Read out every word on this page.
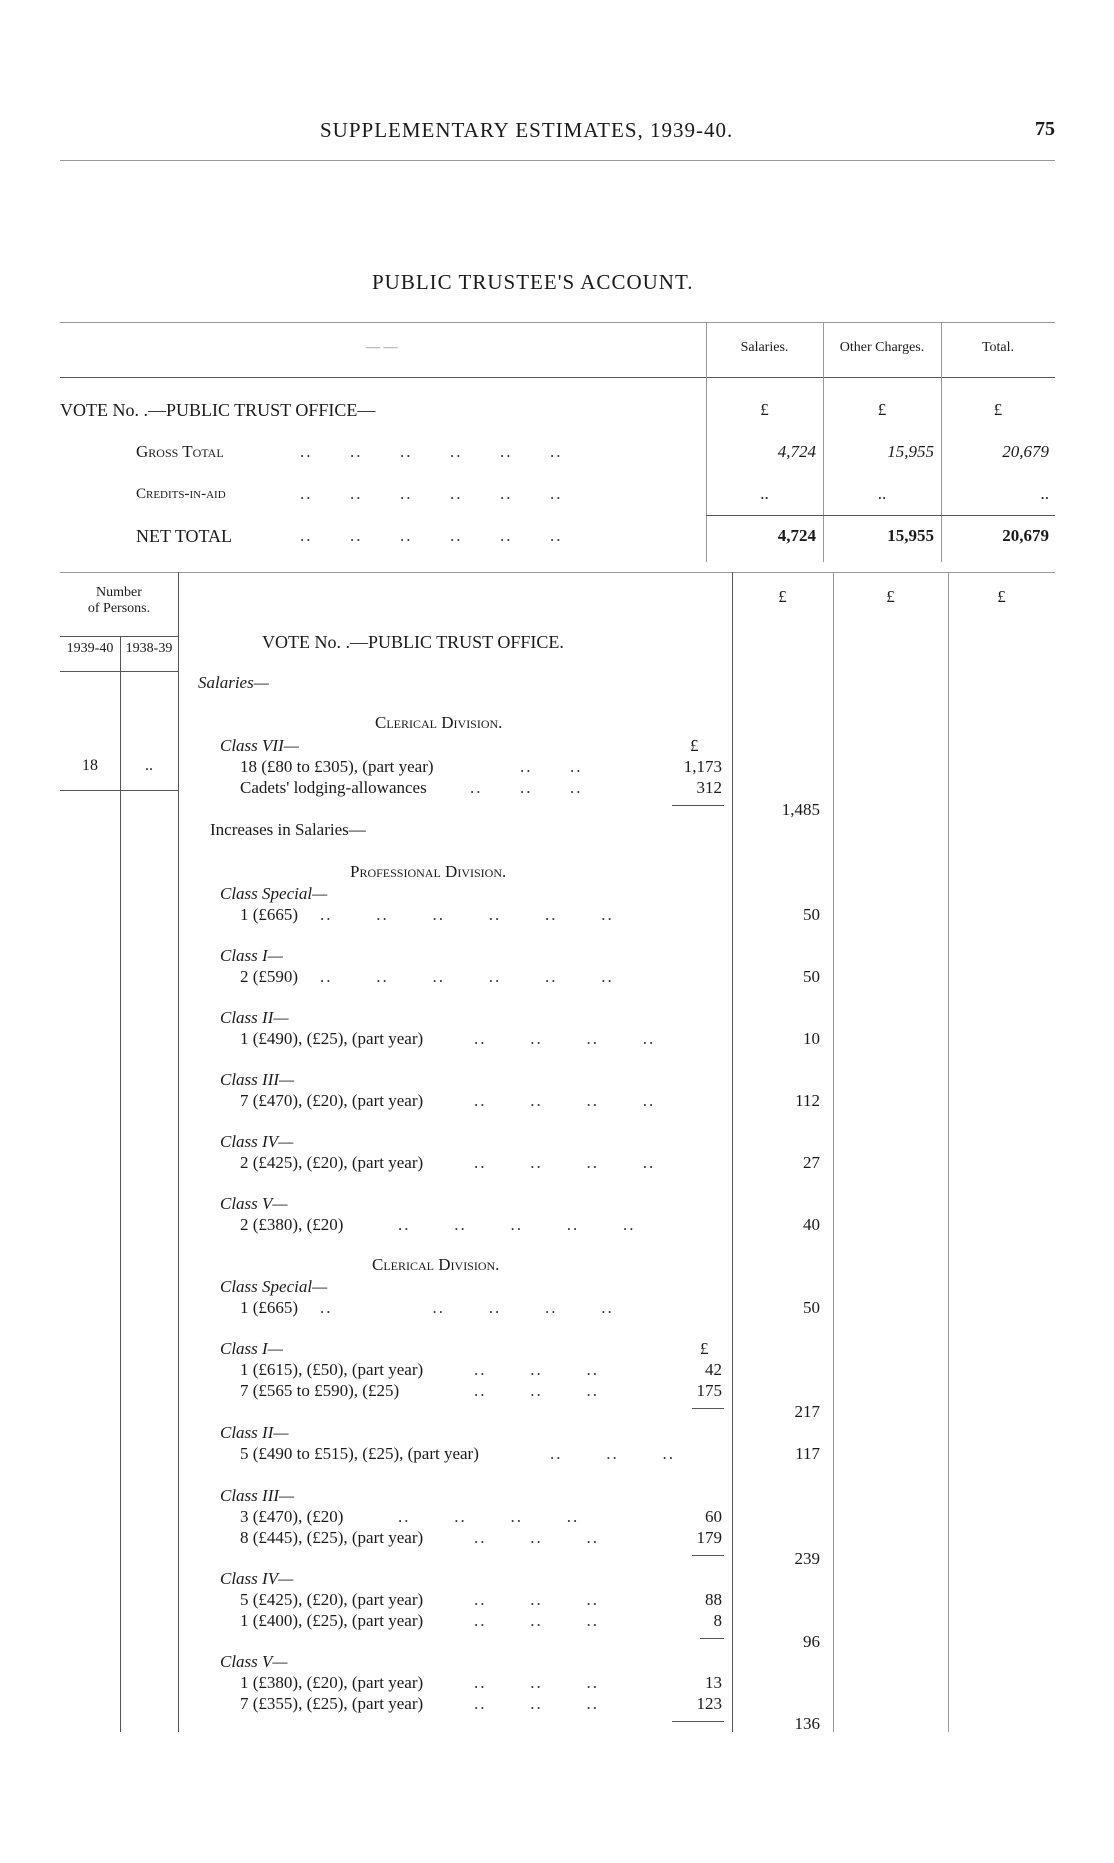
SUPPLEMENTARY ESTIMATES, 1939-40.	75
PUBLIC TRUSTEE'S ACCOUNT.
— —	Salaries.	Other Charges.	Total.
VOTE No. .—PUBLIC TRUST OFFICE—	£	£	£
Gross Total	..      ..      ..      ..      ..      ..	4,724	15,955	20,679
Credits-in-aid	..      ..      ..      ..      ..      ..	..	..	..
NET TOTAL	..      ..      ..      ..      ..      ..	4,724	15,955	20,679
Number
of Persons.
1939-40 1938-39
£	£	£
VOTE No. .—PUBLIC TRUST OFFICE.
Salaries—
Clerical Division.
Class VII—	£
18	..	18 (£80 to £305), (part year)	..      ..	1,173
Cadets' lodging-allowances	..      ..      ..	312
1,485
Increases in Salaries—
Professional Division.
Class Special—
1 (£665) ..       ..       ..       ..       ..       ..	50
Class I—
2 (£590) ..       ..       ..       ..       ..       ..	50
Class II—
1 (£490), (£25), (part year)	..       ..       ..       ..	10
Class III—
7 (£470), (£20), (part year)	..       ..       ..       ..	112
Class IV—
2 (£425), (£20), (part year)	..       ..       ..       ..	27
Class V—
2 (£380), (£20)	..       ..       ..       ..       ..	40
Clerical Division.
Class Special—
1 (£665) ..                ..       ..       ..       ..	50
Class I—	£
1 (£615), (£50), (part year)	..       ..       ..	42
7 (£565 to £590), (£25)	..       ..       ..	175
217
Class II—
5 (£490 to £515), (£25), (part year)	..       ..       ..	117
Class III—
3 (£470), (£20)	..       ..       ..       ..	60
8 (£445), (£25), (part year)	..       ..       ..	179
239
Class IV—
5 (£425), (£20), (part year)	..       ..       ..	88
1 (£400), (£25), (part year)	..       ..       ..	8
96
Class V—
1 (£380), (£20), (part year)	..       ..       ..	13
7 (£355), (£25), (part year)	..       ..       ..	123
136
